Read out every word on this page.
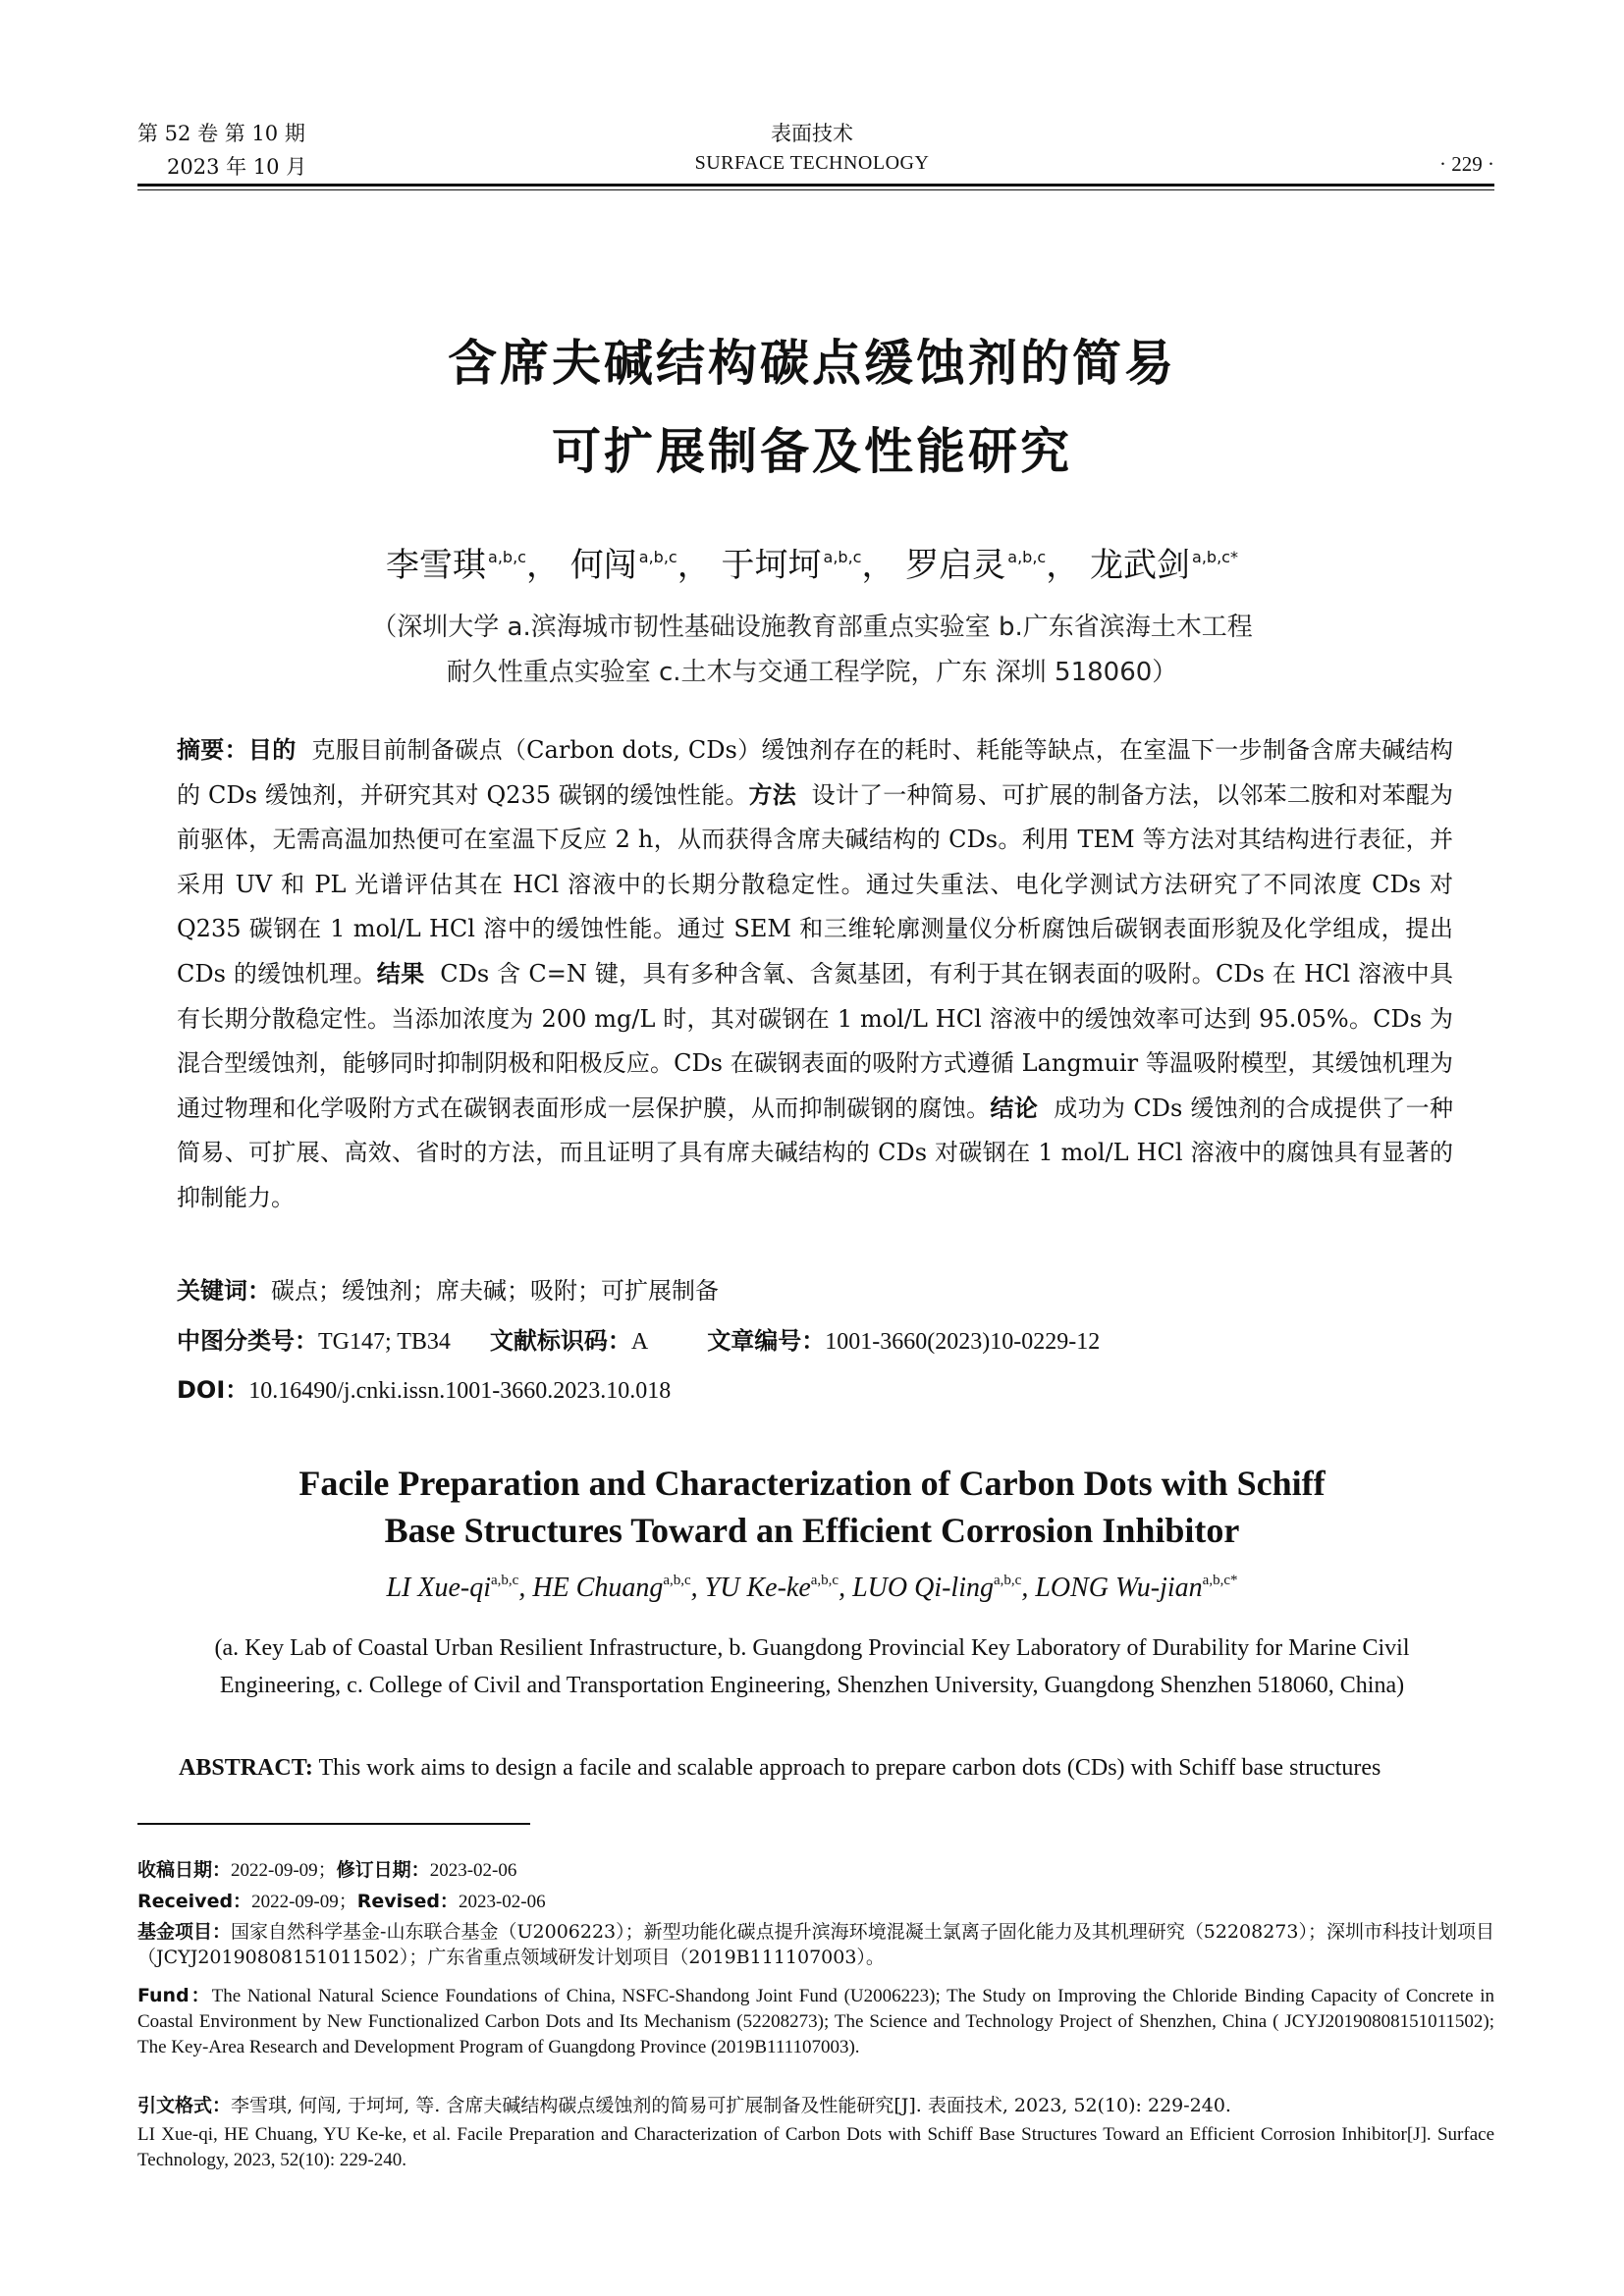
第 52 卷 第 10 期
2023 年 10 月
表面技术
SURFACE TECHNOLOGY	· 229 ·
含席夫碱结构碳点缓蚀剂的简易
可扩展制备及性能研究
李雪琪 $^{a,b,c}$， 何闯 $^{a,b,c}$， 于坷坷 $^{a,b,c}$， 罗启灵 $^{a,b,c}$， 龙武剑 $^{a,b,c*}$
（深圳大学 a.滨海城市韧性基础设施教育部重点实验室 b.广东省滨海土木工程
耐久性重点实验室 c.土木与交通工程学院，广东 深圳 518060）
摘要：目的 克服目前制备碳点（Carbon dots, CDs）缓蚀剂存在的耗时、耗能等缺点，在室温下一步制备含席夫碱结构的 CDs 缓蚀剂，并研究其对 Q235 碳钢的缓蚀性能。方法 设计了一种简易、可扩展的制备方法，以邻苯二胺和对苯醌为前驱体，无需高温加热便可在室温下反应 2 h，从而获得含席夫碱结构的 CDs。利用 TEM 等方法对其结构进行表征，并采用 UV 和 PL 光谱评估其在 HCl 溶液中的长期分散稳定性。通过失重法、电化学测试方法研究了不同浓度 CDs 对 Q235 碳钢在 1 mol/L HCl 溶中的缓蚀性能。通过 SEM 和三维轮廓测量仪分析腐蚀后碳钢表面形貌及化学组成，提出 CDs 的缓蚀机理。结果 CDs 含 C=N 键，具有多种含氧、含氮基团，有利于其在钢表面的吸附。CDs 在 HCl 溶液中具有长期分散稳定性。当添加浓度为 200 mg/L 时，其对碳钢在 1 mol/L HCl 溶液中的缓蚀效率可达到 95.05%。CDs 为混合型缓蚀剂，能够同时抑制阴极和阳极反应。CDs 在碳钢表面的吸附方式遵循 Langmuir 等温吸附模型，其缓蚀机理为通过物理和化学吸附方式在碳钢表面形成一层保护膜，从而抑制碳钢的腐蚀。结论 成功为 CDs 缓蚀剂的合成提供了一种简易、可扩展、高效、省时的方法，而且证明了具有席夫碱结构的 CDs 对碳钢在 1 mol/L HCl 溶液中的腐蚀具有显著的抑制能力。
关键词：碳点；缓蚀剂；席夫碱；吸附；可扩展制备
中图分类号：TG147; TB34 文献标识码：A	文章编号：1001-3660(2023)10-0229-12
DOI：10.16490/j.cnki.issn.1001-3660.2023.10.018
Facile Preparation and Characterization of Carbon Dots with Schiff
Base Structures Toward an Efficient Corrosion Inhibitor
LI Xue-qi$^{a,b,c}$, HE Chuang$^{a,b,c}$, YU Ke-ke$^{a,b,c}$, LUO Qi-ling$^{a,b,c}$, LONG Wu-jian$^{a,b,c*}$
(a. Key Lab of Coastal Urban Resilient Infrastructure, b. Guangdong Provincial Key Laboratory of Durability for Marine Civil
Engineering, c. College of Civil and Transportation Engineering, Shenzhen University, Guangdong Shenzhen 518060, China)
ABSTRACT: This work aims to design a facile and scalable approach to prepare carbon dots (CDs) with Schiff base structures
收稿日期：2022-09-09；修订日期：2023-02-06
Received：2022-09-09；Revised：2023-02-06
基金项目：国家自然科学基金-山东联合基金（U2006223）；新型功能化碳点提升滨海环境混凝土氯离子固化能力及其机理研究（52208273）；深圳市科技计划项目（JCYJ20190808151011502）；广东省重点领域研发计划项目（2019B111107003）。
Fund：The National Natural Science Foundations of China, NSFC-Shandong Joint Fund (U2006223); The Study on Improving the Chloride Binding Capacity of Concrete in Coastal Environment by New Functionalized Carbon Dots and Its Mechanism (52208273); The Science and Technology Project of Shenzhen, China ( JCYJ20190808151011502); The Key-Area Research and Development Program of Guangdong Province (2019B111107003).
引文格式：李雪琪, 何闯, 于坷坷, 等. 含席夫碱结构碳点缓蚀剂的简易可扩展制备及性能研究[J]. 表面技术, 2023, 52(10): 229-240.
LI Xue-qi, HE Chuang, YU Ke-ke, et al. Facile Preparation and Characterization of Carbon Dots with Schiff Base Structures Toward an Efficient Corrosion Inhibitor[J]. Surface Technology, 2023, 52(10): 229-240.
